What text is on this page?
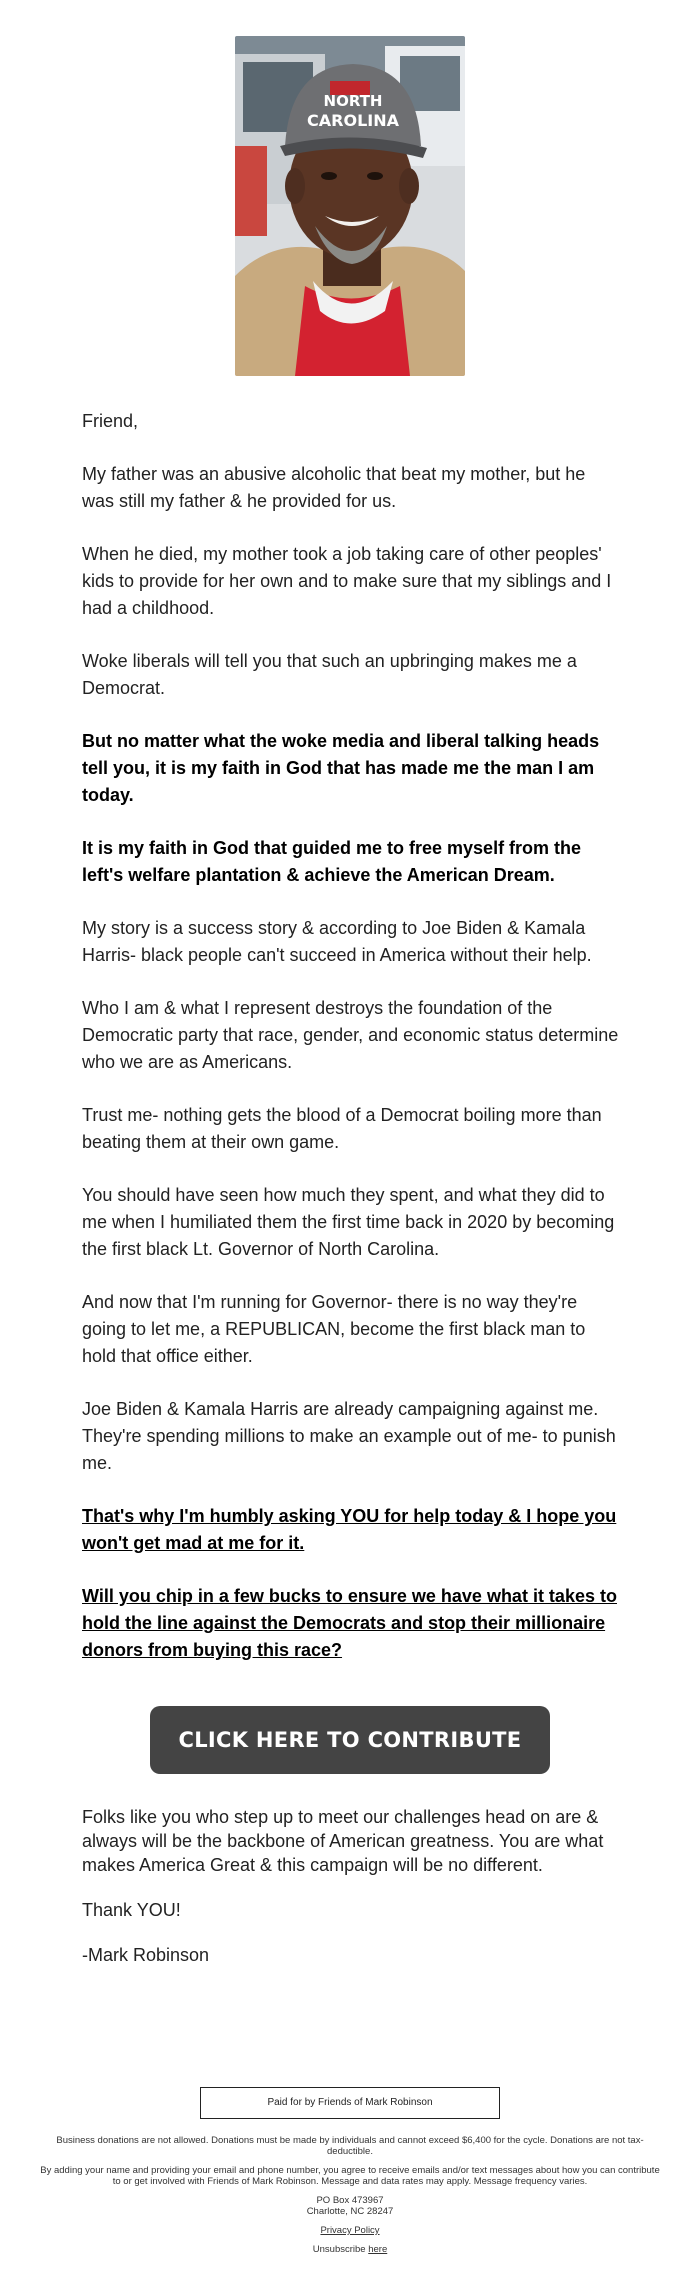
NORTH
CAROLINA

Friend,

My father was an abusive alcoholic that beat my mother, but he was still my father & he provided for us.

When he died, my mother took a job taking care of other peoples' kids to provide for her own and to make sure that my siblings and I had a childhood.

Woke liberals will tell you that such an upbringing makes me a Democrat.

But no matter what the woke media and liberal talking heads tell you, it is my faith in God that has made me the man I am today.

It is my faith in God that guided me to free myself from the left's welfare plantation & achieve the American Dream.

My story is a success story & according to Joe Biden & Kamala Harris- black people can't succeed in America without their help.

Who I am & what I represent destroys the foundation of the Democratic party that race, gender, and economic status determine who we are as Americans.

Trust me- nothing gets the blood of a Democrat boiling more than beating them at their own game.

You should have seen how much they spent, and what they did to me when I humiliated them the first time back in 2020 by becoming the first black Lt. Governor of North Carolina.

And now that I'm running for Governor- there is no way they're going to let me, a REPUBLICAN, become the first black man to hold that office either.

Joe Biden & Kamala Harris are already campaigning against me. They're spending millions to make an example out of me- to punish me.

That's why I'm humbly asking YOU for help today & I hope you won't get mad at me for it.

Will you chip in a few bucks to ensure we have what it takes to hold the line against the Democrats and stop their millionaire donors from buying this race?

CLICK HERE TO CONTRIBUTE

Folks like you who step up to meet our challenges head on are & always will be the backbone of American greatness. You are what makes America Great & this campaign will be no different.

Thank YOU!

-Mark Robinson

Paid for by Friends of Mark Robinson

Business donations are not allowed. Donations must be made by individuals and cannot exceed $6,400 for the cycle. Donations are not tax-deductible.

By adding your name and providing your email and phone number, you agree to receive emails and/or text messages about how you can contribute to or get involved with Friends of Mark Robinson. Message and data rates may apply. Message frequency varies.

PO Box 473967
Charlotte, NC 28247

Privacy Policy

Unsubscribe here
